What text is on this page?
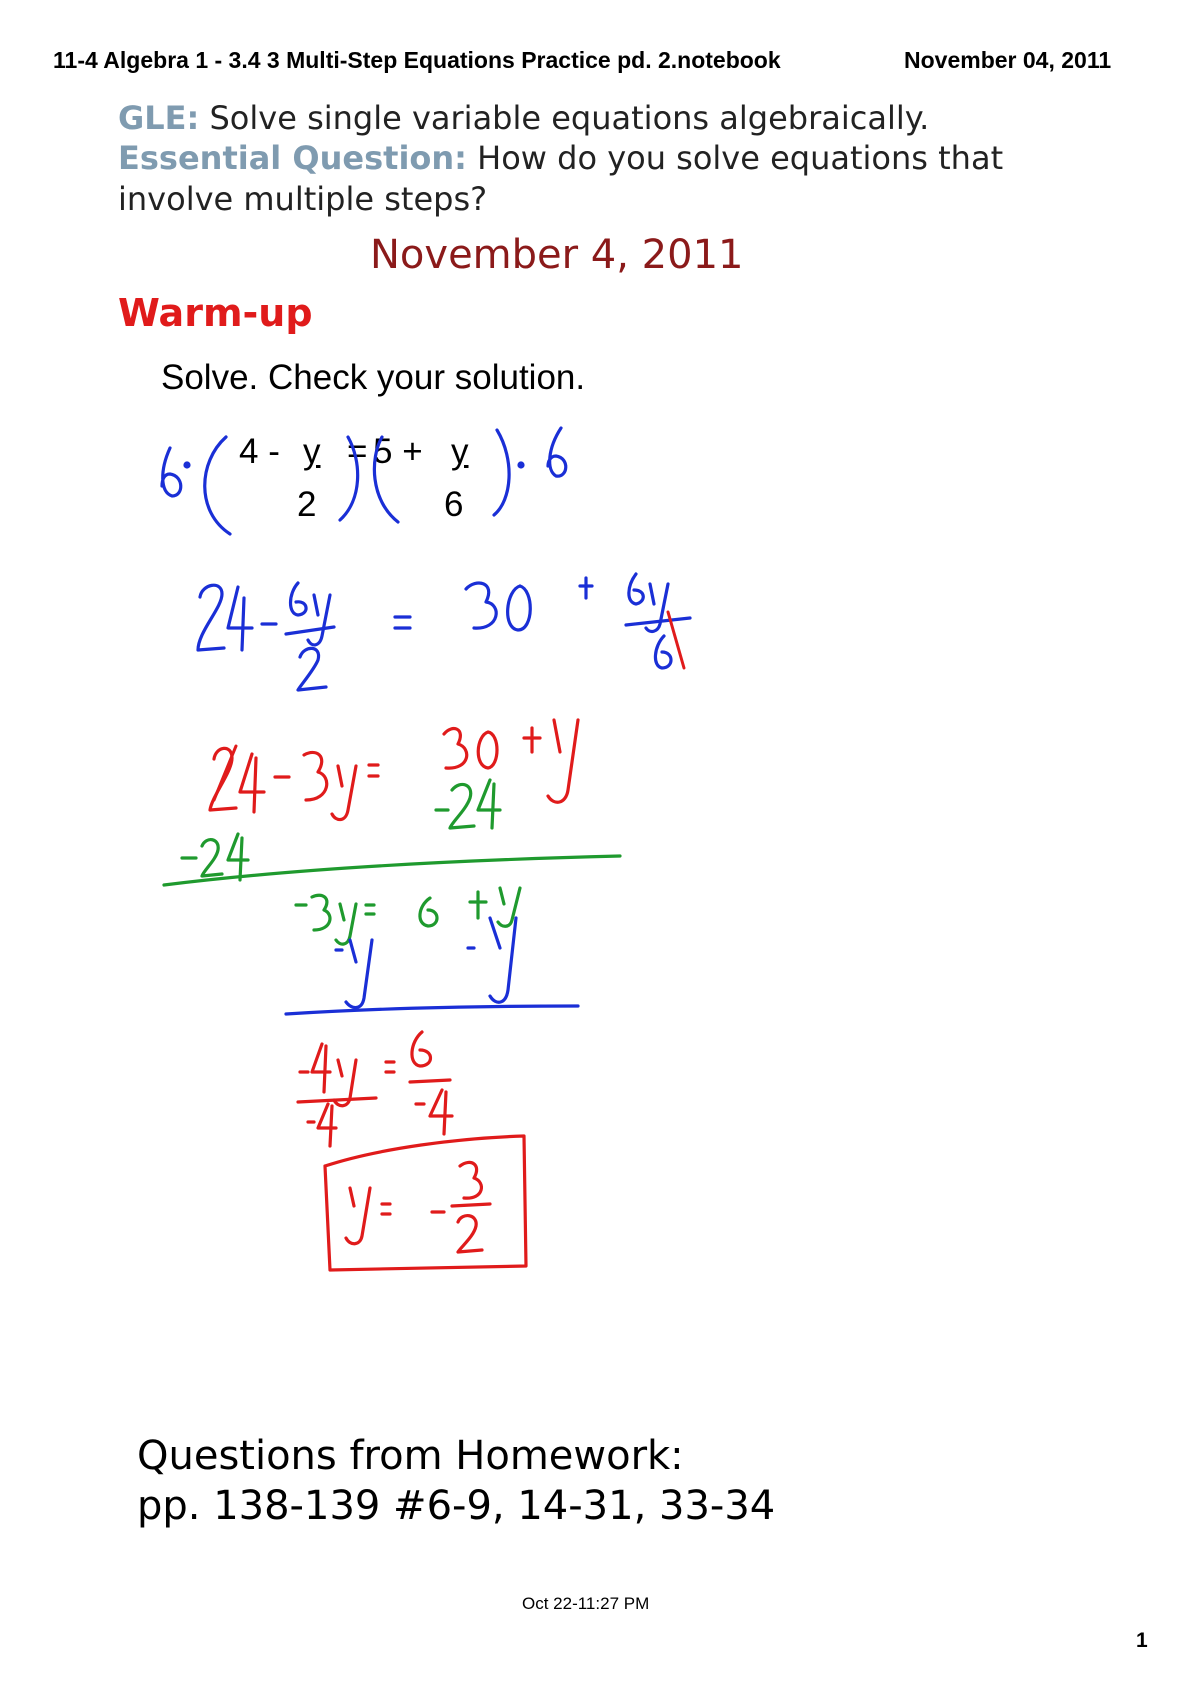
11-4 Algebra 1 - 3.4 3 Multi-Step Equations Practice pd. 2.notebook	November 04, 2011
GLE: Solve single variable equations algebraically.
Essential Question: How do you solve equations that
involve multiple steps?
November 4, 2011
Warm-up
Solve. Check your solution.
4 - y
2
= 5 + y
6
Questions from Homework:
pp. 138-139 #6-9, 14-31, 33-34
Oct 22-11:27 PM
1
